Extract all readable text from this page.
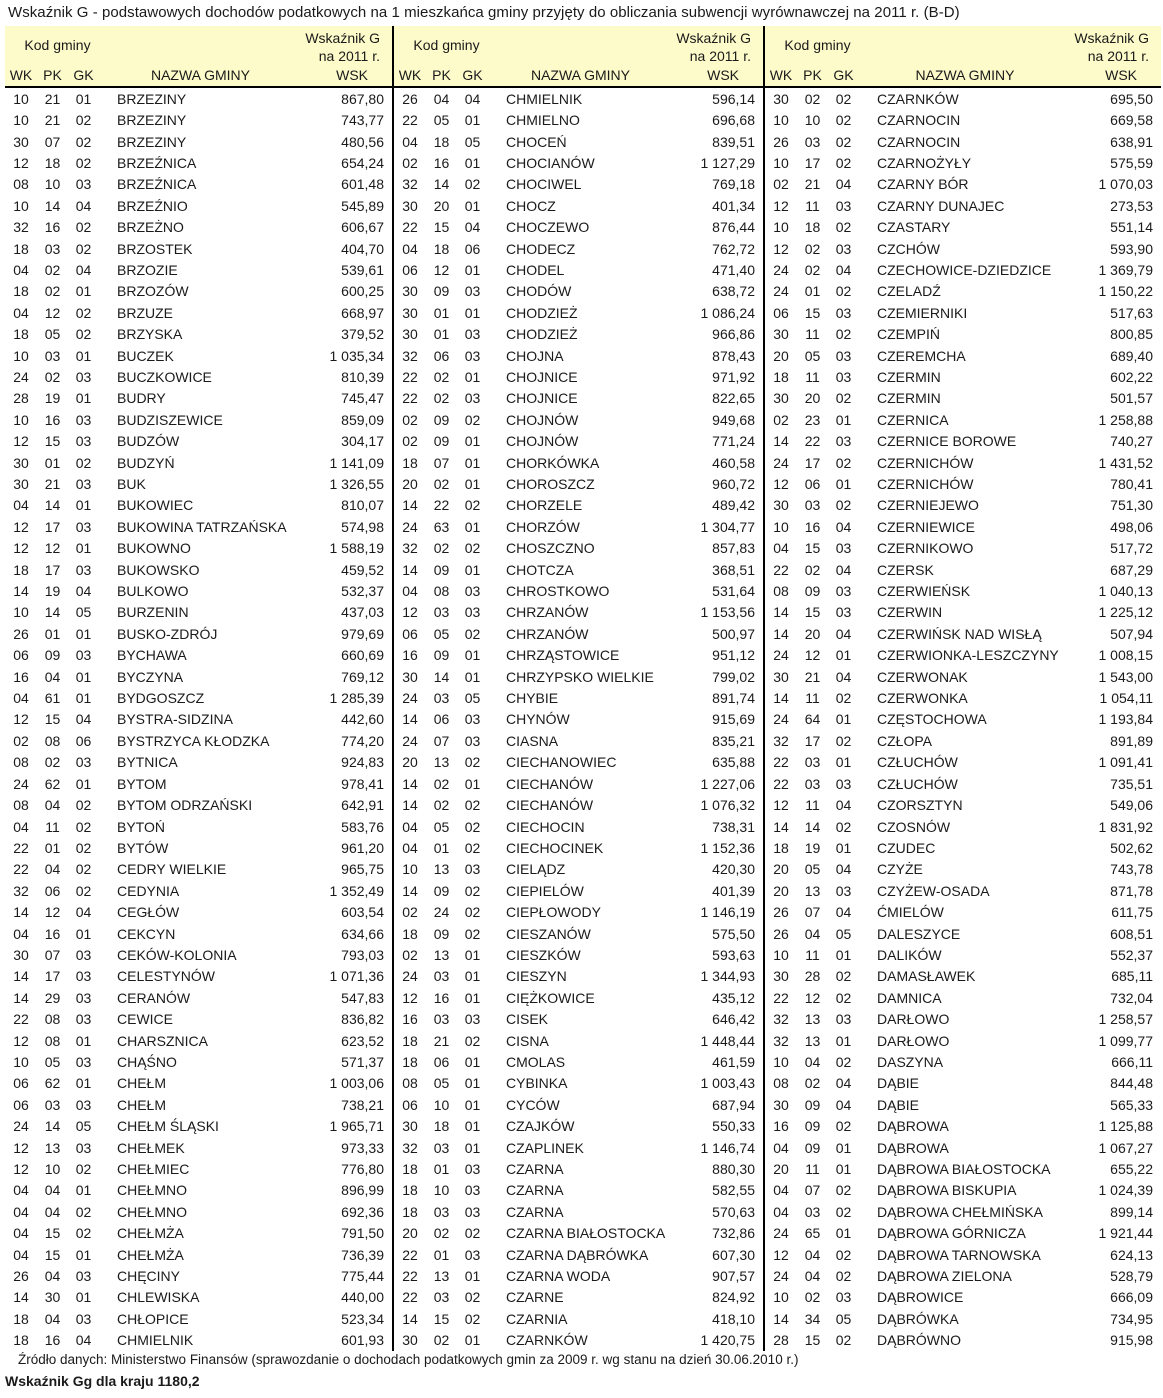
Wskaźnik G - podstawowych dochodów podatkowych na 1 mieszkańca gminy przyjęty do obliczania subwencji wyrównawczej na 2011 r. (B-D)
Kod gminy	Wskaźnik G
na 2011 r.
WK PK GK	NAZWA GMINY	WSK
10	21	01	BRZEZINY	867,80
10	21	02	BRZEZINY	743,77
30	07	02	BRZEZINY	480,56
12	18	02	BRZEŹNICA	654,24
08	10	03	BRZEŹNICA	601,48
10	14	04	BRZEŹNIO	545,89
32	16	02	BRZEŻNO	606,67
18	03	02	BRZOSTEK	404,70
04	02	04	BRZOZIE	539,61
18	02	01	BRZOZÓW	600,25
04	12	02	BRZUZE	668,97
18	05	02	BRZYSKA	379,52
10	03	01	BUCZEK	1 035,34
24	02	03	BUCZKOWICE	810,39
28	19	01	BUDRY	745,47
10	16	03	BUDZISZEWICE	859,09
12	15	03	BUDZÓW	304,17
30	01	02	BUDZYŃ	1 141,09
30	21	03	BUK	1 326,55
04	14	01	BUKOWIEC	810,07
12	17	03	BUKOWINA TATRZAŃSKA	574,98
12	12	01	BUKOWNO	1 588,19
18	17	03	BUKOWSKO	459,52
14	19	04	BULKOWO	532,37
10	14	05	BURZENIN	437,03
26	01	01	BUSKO-ZDRÓJ	979,69
06	09	03	BYCHAWA	660,69
16	04	01	BYCZYNA	769,12
04	61	01	BYDGOSZCZ	1 285,39
12	15	04	BYSTRA-SIDZINA	442,60
02	08	06	BYSTRZYCA KŁODZKA	774,20
08	02	03	BYTNICA	924,83
24	62	01	BYTOM	978,41
08	04	02	BYTOM ODRZAŃSKI	642,91
04	11	02	BYTOŃ	583,76
22	01	02	BYTÓW	961,20
22	04	02	CEDRY WIELKIE	965,75
32	06	02	CEDYNIA	1 352,49
14	12	04	CEGŁÓW	603,54
04	16	01	CEKCYN	634,66
30	07	03	CEKÓW-KOLONIA	793,03
14	17	03	CELESTYNÓW	1 071,36
14	29	03	CERANÓW	547,83
22	08	03	CEWICE	836,82
12	08	01	CHARSZNICA	623,52
10	05	03	CHĄŚNO	571,37
06	62	01	CHEŁM	1 003,06
06	03	03	CHEŁM	738,21
24	14	05	CHEŁM ŚLĄSKI	1 965,71
12	13	03	CHEŁMEK	973,33
12	10	02	CHEŁMIEC	776,80
04	04	01	CHEŁMNO	896,99
04	04	02	CHEŁMNO	692,36
04	15	02	CHEŁMŻA	791,50
04	15	01	CHEŁMŻA	736,39
26	04	03	CHĘCINY	775,44
14	30	01	CHLEWISKA	440,00
18	04	03	CHŁOPICE	523,34
18	16	04	CHMIELNIK	601,93
Kod gminy	Wskaźnik G
na 2011 r.
WK PK GK	NAZWA GMINY	WSK
26	04	04	CHMIELNIK	596,14
22	05	01	CHMIELNO	696,68
04	18	05	CHOCEŃ	839,51
02	16	01	CHOCIANÓW	1 127,29
32	14	02	CHOCIWEL	769,18
30	20	01	CHOCZ	401,34
22	15	04	CHOCZEWO	876,44
04	18	06	CHODECZ	762,72
06	12	01	CHODEL	471,40
30	09	03	CHODÓW	638,72
30	01	01	CHODZIEŻ	1 086,24
30	01	03	CHODZIEŻ	966,86
32	06	03	CHOJNA	878,43
22	02	01	CHOJNICE	971,92
22	02	03	CHOJNICE	822,65
02	09	02	CHOJNÓW	949,68
02	09	01	CHOJNÓW	771,24
18	07	01	CHORKÓWKA	460,58
20	02	01	CHOROSZCZ	960,72
14	22	02	CHORZELE	489,42
24	63	01	CHORZÓW	1 304,77
32	02	02	CHOSZCZNO	857,83
14	09	01	CHOTCZA	368,51
04	08	03	CHROSTKOWO	531,64
12	03	03	CHRZANÓW	1 153,56
06	05	02	CHRZANÓW	500,97
16	09	01	CHRZĄSTOWICE	951,12
30	14	01	CHRZYPSKO WIELKIE	799,02
24	03	05	CHYBIE	891,74
14	06	03	CHYNÓW	915,69
24	07	03	CIASNA	835,21
20	13	02	CIECHANOWIEC	635,88
14	02	01	CIECHANÓW	1 227,06
14	02	02	CIECHANÓW	1 076,32
04	05	02	CIECHOCIN	738,31
04	01	02	CIECHOCINEK	1 152,36
10	13	03	CIELĄDZ	420,30
14	09	02	CIEPIELÓW	401,39
02	24	02	CIEPŁOWODY	1 146,19
18	09	02	CIESZANÓW	575,50
02	13	01	CIESZKÓW	593,63
24	03	01	CIESZYN	1 344,93
12	16	01	CIĘŻKOWICE	435,12
16	03	03	CISEK	646,42
18	21	02	CISNA	1 448,44
18	06	01	CMOLAS	461,59
08	05	01	CYBINKA	1 003,43
06	10	01	CYCÓW	687,94
30	18	01	CZAJKÓW	550,33
32	03	01	CZAPLINEK	1 146,74
18	01	03	CZARNA	880,30
18	10	03	CZARNA	582,55
18	03	03	CZARNA	570,63
20	02	02	CZARNA BIAŁOSTOCKA	732,86
22	01	03	CZARNA DĄBRÓWKA	607,30
22	13	01	CZARNA WODA	907,57
22	03	02	CZARNE	824,92
14	15	02	CZARNIA	418,10
30	02	01	CZARNKÓW	1 420,75
Kod gminy	Wskaźnik G
na 2011 r.
WK PK GK	NAZWA GMINY	WSK
30	02	02	CZARNKÓW	695,50
10	10	02	CZARNOCIN	669,58
26	03	02	CZARNOCIN	638,91
10	17	02	CZARNOŻYŁY	575,59
02	21	04	CZARNY BÓR	1 070,03
12	11	03	CZARNY DUNAJEC	273,53
10	18	02	CZASTARY	551,14
12	02	03	CZCHÓW	593,90
24	02	04	CZECHOWICE-DZIEDZICE	1 369,79
24	01	02	CZELADŹ	1 150,22
06	15	03	CZEMIERNIKI	517,63
30	11	02	CZEMPIŃ	800,85
20	05	03	CZEREMCHA	689,40
18	11	03	CZERMIN	602,22
30	20	02	CZERMIN	501,57
02	23	01	CZERNICA	1 258,88
14	22	03	CZERNICE BOROWE	740,27
24	17	02	CZERNICHÓW	1 431,52
12	06	01	CZERNICHÓW	780,41
30	03	02	CZERNIEJEWO	751,30
10	16	04	CZERNIEWICE	498,06
04	15	03	CZERNIKOWO	517,72
22	02	04	CZERSK	687,29
08	09	03	CZERWIEŃSK	1 040,13
14	15	03	CZERWIN	1 225,12
14	20	04	CZERWIŃSK NAD WISŁĄ	507,94
24	12	01	CZERWIONKA-LESZCZYNY	1 008,15
30	21	04	CZERWONAK	1 543,00
14	11	02	CZERWONKA	1 054,11
24	64	01	CZĘSTOCHOWA	1 193,84
32	17	02	CZŁOPA	891,89
22	03	01	CZŁUCHÓW	1 091,41
22	03	03	CZŁUCHÓW	735,51
12	11	04	CZORSZTYN	549,06
14	14	02	CZOSNÓW	1 831,92
18	19	01	CZUDEC	502,62
20	05	04	CZYŻE	743,78
20	13	03	CZYŻEW-OSADA	871,78
26	07	04	ĆMIELÓW	611,75
26	04	05	DALESZYCE	608,51
10	11	01	DALIKÓW	552,37
30	28	02	DAMASŁAWEK	685,11
22	12	02	DAMNICA	732,04
32	13	03	DARŁOWO	1 258,57
32	13	01	DARŁOWO	1 099,77
10	04	02	DASZYNA	666,11
08	02	04	DĄBIE	844,48
30	09	04	DĄBIE	565,33
16	09	02	DĄBROWA	1 125,88
04	09	01	DĄBROWA	1 067,27
20	11	01	DĄBROWA BIAŁOSTOCKA	655,22
04	07	02	DĄBROWA BISKUPIA	1 024,39
04	03	02	DĄBROWA CHEŁMIŃSKA	899,14
24	65	01	DĄBROWA GÓRNICZA	1 921,44
12	04	02	DĄBROWA TARNOWSKA	624,13
24	04	02	DĄBROWA ZIELONA	528,79
10	02	03	DĄBROWICE	666,09
14	34	05	DĄBRÓWKA	734,95
28	15	02	DĄBRÓWNO	915,98
Źródło danych: Ministerstwo Finansów (sprawozdanie o dochodach podatkowych gmin za 2009 r. wg stanu na dzień 30.06.2010 r.)
Wskaźnik Gg dla kraju 1180,2
